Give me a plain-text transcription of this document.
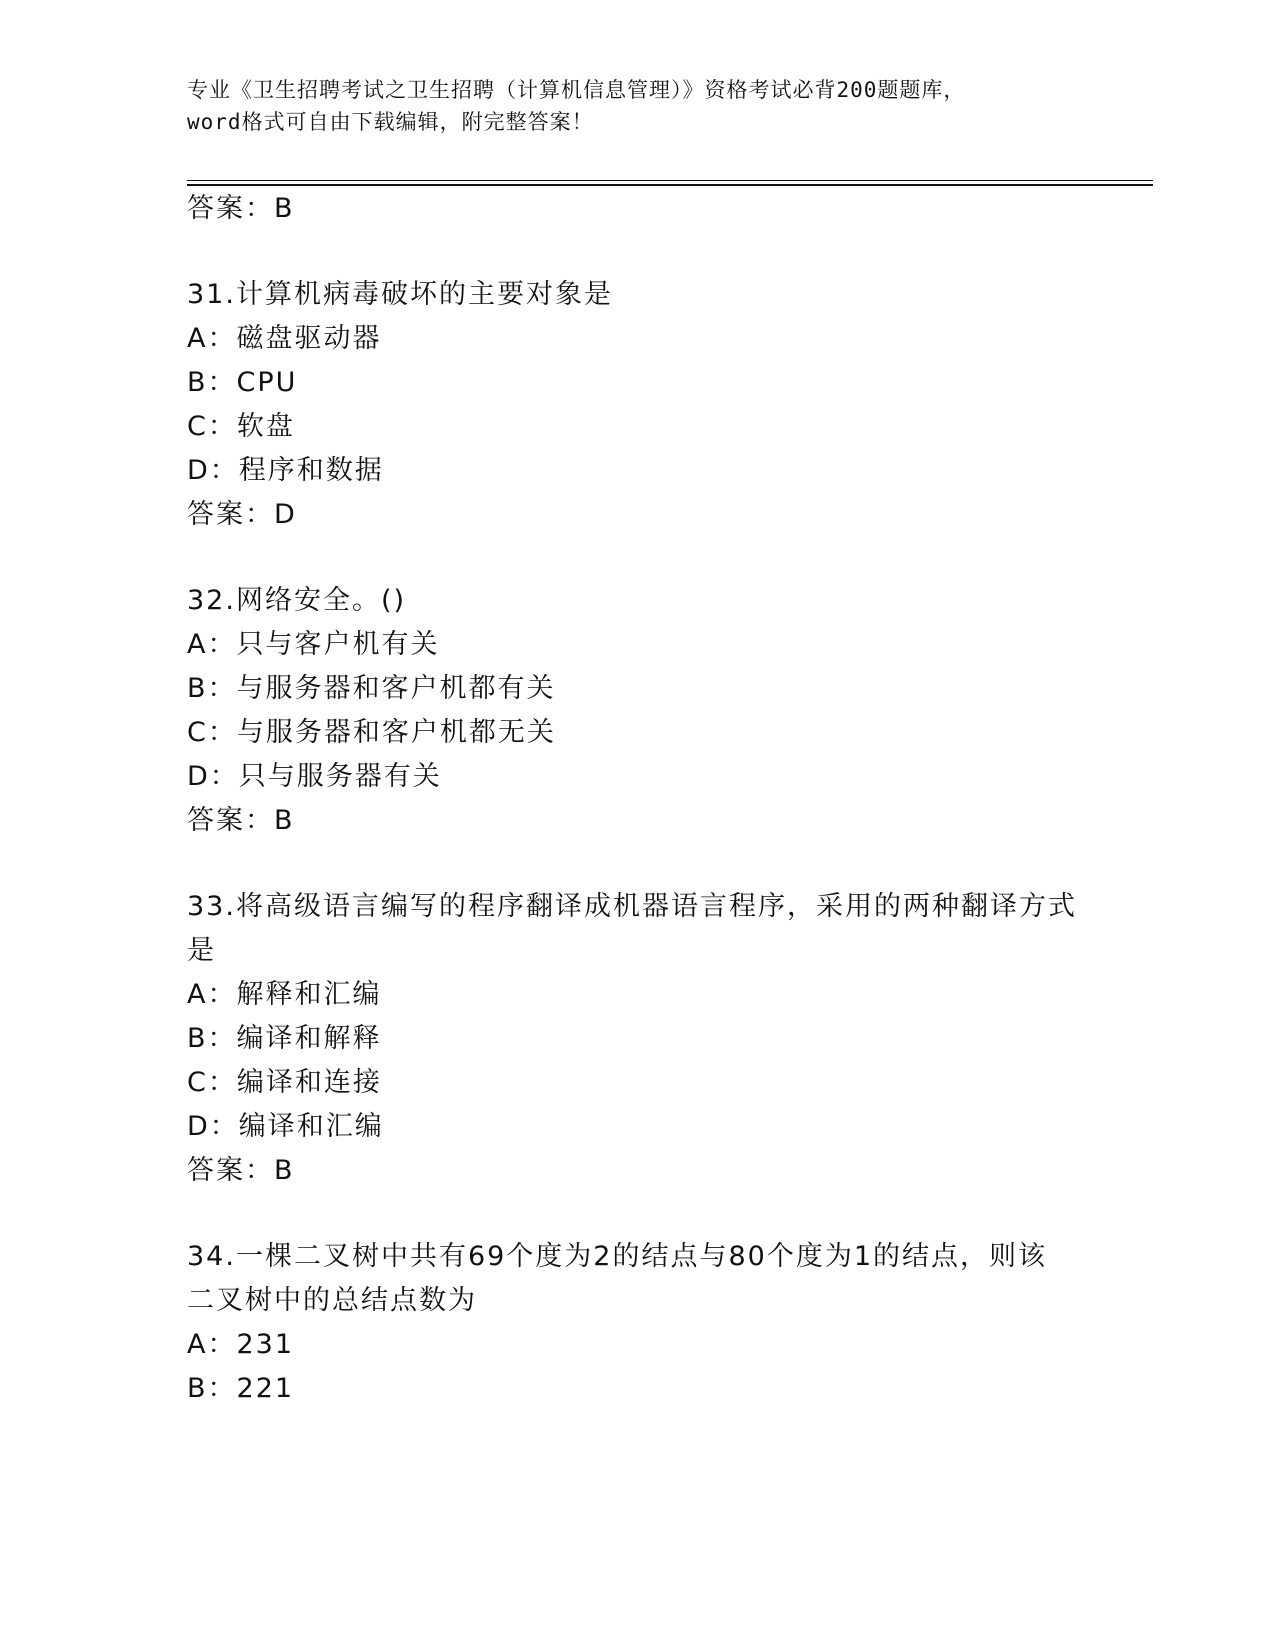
专业《卫生招聘考试之卫生招聘（计算机信息管理）》资格考试必背200题题库，
word格式可自由下载编辑，附完整答案！
答案：B
31.计算机病毒破坏的主要对象是
A：磁盘驱动器
B：CPU
C：软盘
D：程序和数据
答案：D
32.网络安全。()
A：只与客户机有关
B：与服务器和客户机都有关
C：与服务器和客户机都无关
D：只与服务器有关
答案：B
33.将高级语言编写的程序翻译成机器语言程序，采用的两种翻译方式
是
A：解释和汇编
B：编译和解释
C：编译和连接
D：编译和汇编
答案：B
34.一棵二叉树中共有69个度为2的结点与80个度为1的结点，则该
二叉树中的总结点数为
A：231
B：221
